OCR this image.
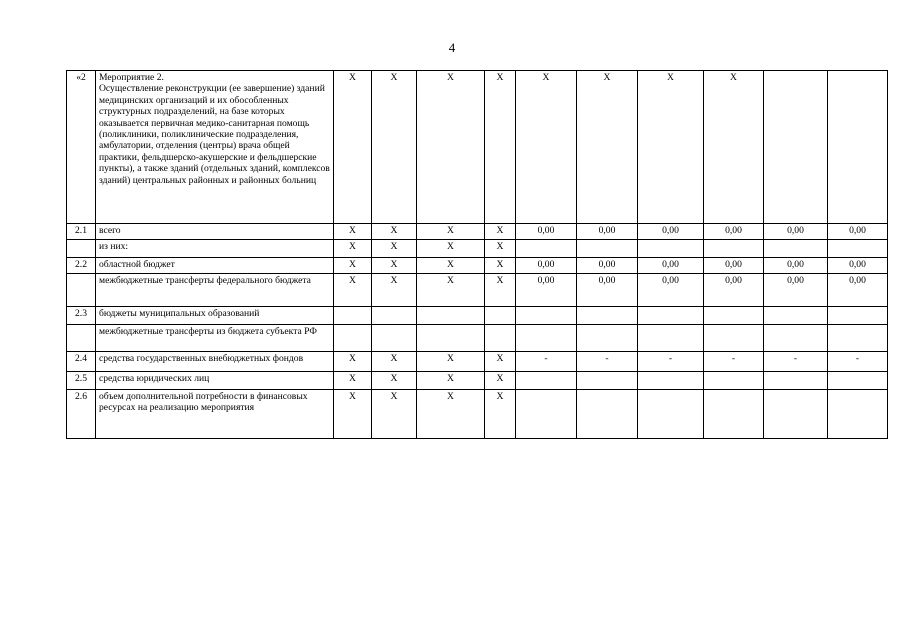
4
«2	Мероприятие 2.
Осуществление реконструкции (ее завершение) зданий медицинских организаций и их обособленных структурных подразделений, на базе которых оказывается первичная медико-санитарная помощь (поликлиники, поликлинические подразделения, амбулатории, отделения (центры) врача общей практики, фельдшерско-акушерские и фельдшерские пункты), а также зданий (отдельных зданий, комплексов зданий) центральных районных и районных больниц	X	X	X	X	X	X	X	X		
2.1	всего	X	X	X	X	0,00	0,00	0,00	0,00	0,00	0,00
	из них:	X	X	X	X						
2.2	областной бюджет	X	X	X	X	0,00	0,00	0,00	0,00	0,00	0,00
	межбюджетные трансферты федерального бюджета	X	X	X	X	0,00	0,00	0,00	0,00	0,00	0,00
2.3	бюджеты муниципальных образований										
	межбюджетные трансферты из бюджета субъекта РФ										
2.4	средства государственных внебюджетных фондов	X	X	X	X	-	-	-	-	-	-
2.5	средства юридических лиц	X	X	X	X						
2.6	объем дополнительной потребности в финансовых ресурсах на реализацию мероприятия	X	X	X	X						
